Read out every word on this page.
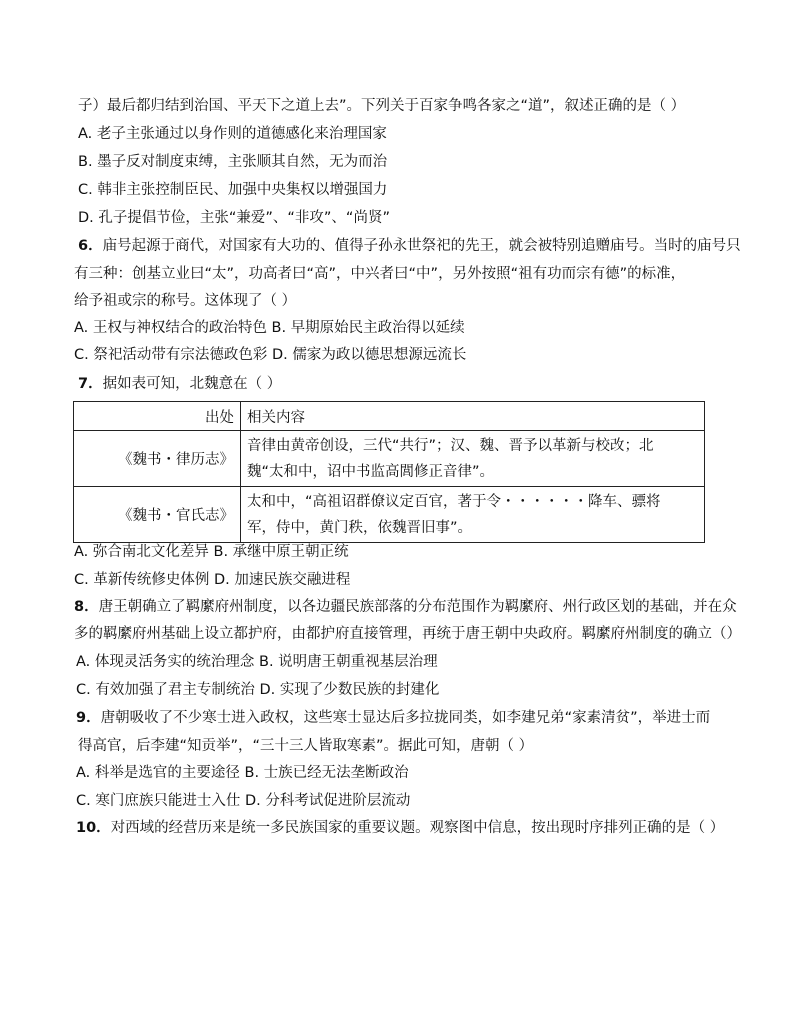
子）最后都归结到治国、平天下之道上去”。下列关于百家争鸣各家之“道”，叙述正确的是（ ）
A. 老子主张通过以身作则的道德感化来治理国家
B. 墨子反对制度束缚，主张顺其自然，无为而治
C. 韩非主张控制臣民、加强中央集权以增强国力
D. 孔子提倡节俭，主张“兼爱”、“非攻”、“尚贤”
6．庙号起源于商代，对国家有大功的、值得子孙永世祭祀的先王，就会被特别追赠庙号。当时的庙号只
有三种：创基立业曰“太”，功高者曰“高”，中兴者曰“中”，另外按照“祖有功而宗有德”的标准，
给予祖或宗的称号。这体现了（ ）
A. 王权与神权结合的政治特色 B. 早期原始民主政治得以延续
C. 祭祀活动带有宗法德政色彩 D. 儒家为政以德思想源远流长
7．据如表可知，北魏意在（ ）
出处	相关内容
《魏书・律历志》	音律由黄帝创设，三代“共行”；汉、魏、晋予以革新与校改；北
魏“太和中，诏中书监高閭修正音律”。

《魏书・官氏志》	太和中，“高祖诏群僚议定百官，著于令・・・・・・降车、骠将
军，侍中，黄门秩，依魏晋旧事”。
A. 弥合南北文化差异 B. 承继中原王朝正统
C. 革新传统修史体例 D. 加速民族交融进程
8．唐王朝确立了羁縻府州制度，以各边疆民族部落的分布范围作为羁縻府、州行政区划的基础，并在众
多的羁縻府州基础上设立都护府，由都护府直接管理，再统于唐王朝中央政府。羁縻府州制度的确立（）
A. 体现灵活务实的统治理念 B. 说明唐王朝重视基层治理
C. 有效加强了君主专制统治 D. 实现了少数民族的封建化
9．唐朝吸收了不少寒士进入政权，这些寒士显达后多拉拢同类，如李建兄弟“家素清贫”，举进士而
得高官，后李建“知贡举”，“三十三人皆取寒素”。据此可知，唐朝（ ）
A. 科举是选官的主要途径 B. 士族已经无法垄断政治
C. 寒门庶族只能进士入仕 D. 分科考试促进阶层流动
10．对西域的经营历来是统一多民族国家的重要议题。观察图中信息，按出现时序排列正确的是（ ）
